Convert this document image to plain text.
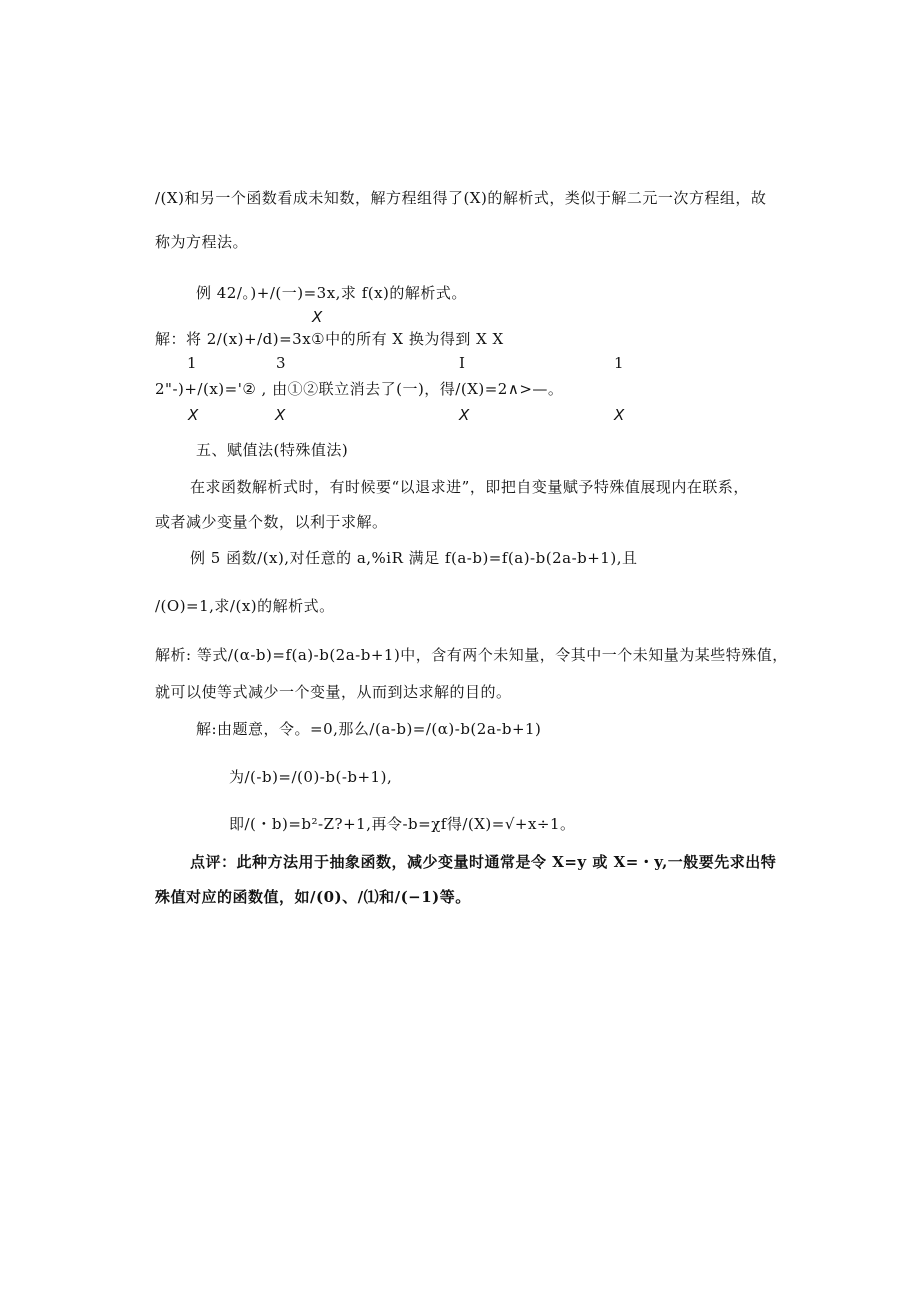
/(X)和另一个函数看成未知数，解方程组得了(X)的解析式，类似于解二元一次方程组，故
称为方程法。
例 42/。)+/(一)=3x,求 f(x)的解析式。
X
解：将 2/(x)+/d)=3x①中的所有 X 换为得到 X X
1	3	I	1
2"-)+/(x)='② , 由①②联立消去了(一)，得/(X)=2∧>—。
X	X	X	X
五、赋值法(特殊值法)
在求函数解析式时，有时候要“以退求进”，即把自变量赋予特殊值展现内在联系，
或者减少变量个数，以利于求解。
例 5 函数/(x),对任意的 a,%iR 满足 f(a-b)=f(a)-b(2a-b+1),且
/(O)=1,求/(x)的解析式。
解析: 等式/(α-b)=f(a)-b(2a-b+1)中，含有两个未知量，令其中一个未知量为某些特殊值，
就可以使等式减少一个变量，从而到达求解的目的。
解:由题意，令。=0,那么/(a-b)=/(α)-b(2a-b+1)
为/(-b)=/(0)-b(-b+1),
即/(・b)=b²-Z?+1,再令-b=χf得/(X)=√+x÷1。
点评：此种方法用于抽象函数，减少变量时通常是令 X=y 或 X=・y,一般要先求出特
殊值对应的函数值，如/(0)、/⑴和/(−1)等。
